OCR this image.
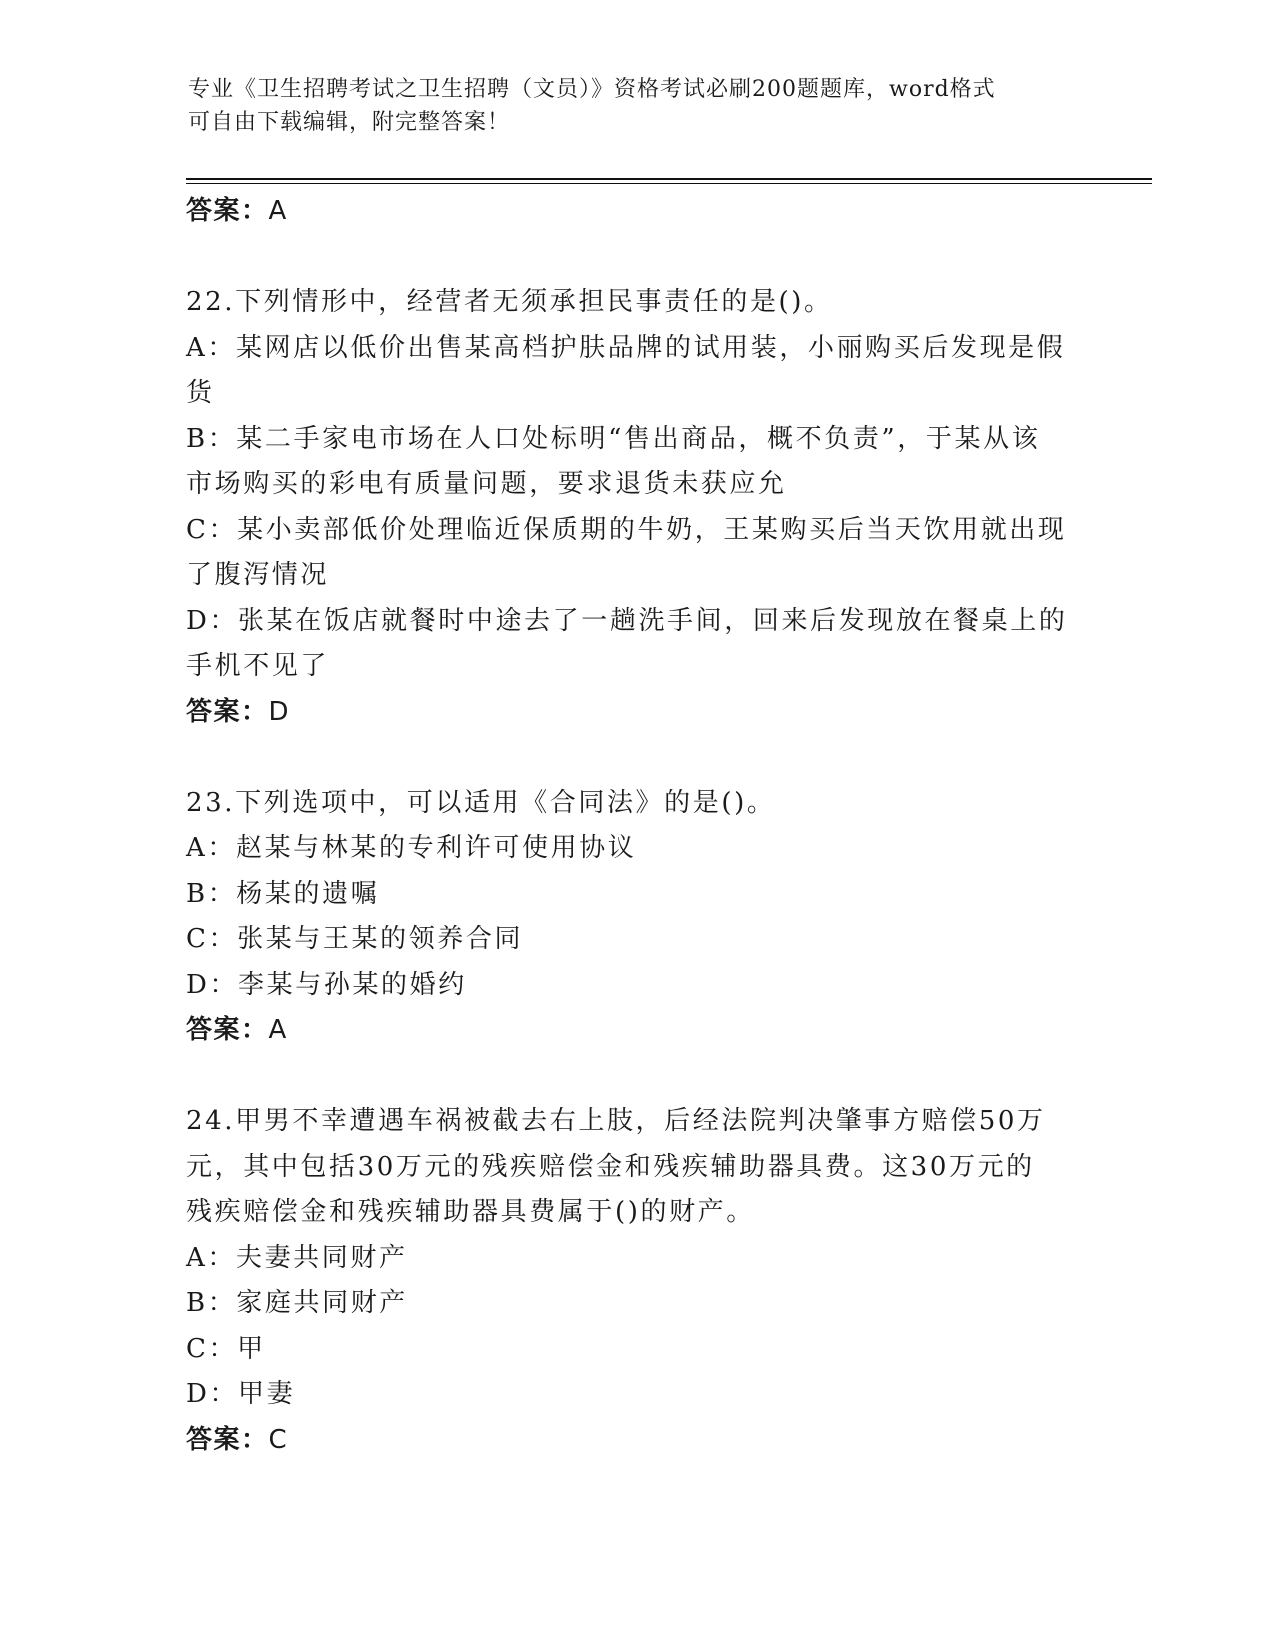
专业《卫生招聘考试之卫生招聘（文员）》资格考试必刷200题题库，word格式
可自由下载编辑，附完整答案！
答案：A
22.下列情形中，经营者无须承担民事责任的是()。
A：某网店以低价出售某高档护肤品牌的试用装，小丽购买后发现是假
货
B：某二手家电市场在人口处标明“售出商品，概不负责”，于某从该
市场购买的彩电有质量问题，要求退货未获应允
C：某小卖部低价处理临近保质期的牛奶，王某购买后当天饮用就出现
了腹泻情况
D：张某在饭店就餐时中途去了一趟洗手间，回来后发现放在餐桌上的
手机不见了
答案：D
23.下列选项中，可以适用《合同法》的是()。
A：赵某与林某的专利许可使用协议
B：杨某的遗嘱
C：张某与王某的领养合同
D：李某与孙某的婚约
答案：A
24.甲男不幸遭遇车祸被截去右上肢，后经法院判决肇事方赔偿50万
元，其中包括30万元的残疾赔偿金和残疾辅助器具费。这30万元的
残疾赔偿金和残疾辅助器具费属于()的财产。
A：夫妻共同财产
B：家庭共同财产
C：甲
D：甲妻
答案：C
